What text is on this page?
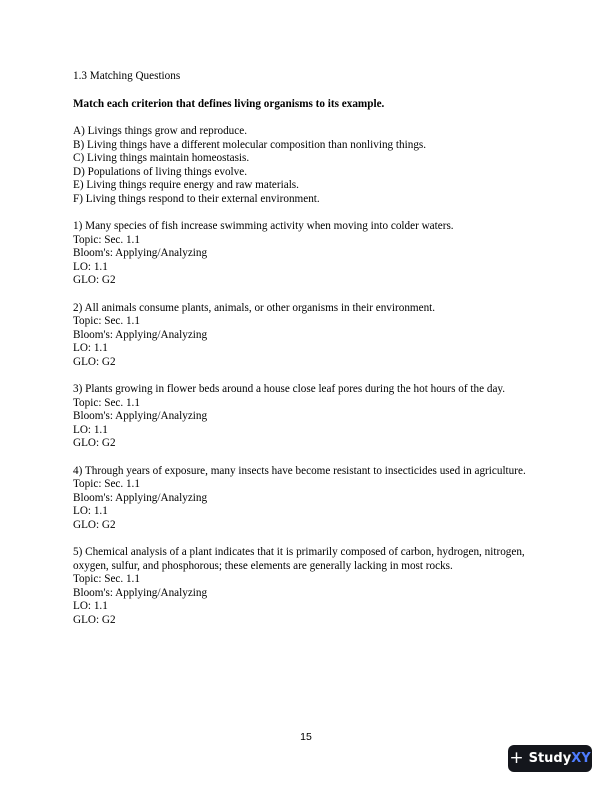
1.3 Matching Questions
Match each criterion that defines living organisms to its example.
A) Livings things grow and reproduce.
B) Living things have a different molecular composition than nonliving things.
C) Living things maintain homeostasis.
D) Populations of living things evolve.
E) Living things require energy and raw materials.
F) Living things respond to their external environment.
1) Many species of fish increase swimming activity when moving into colder waters.
Topic: Sec. 1.1
Bloom's: Applying/Analyzing
LO: 1.1
GLO: G2
2) All animals consume plants, animals, or other organisms in their environment.
Topic: Sec. 1.1
Bloom's: Applying/Analyzing
LO: 1.1
GLO: G2
3) Plants growing in flower beds around a house close leaf pores during the hot hours of the day.
Topic: Sec. 1.1
Bloom's: Applying/Analyzing
LO: 1.1
GLO: G2
4) Through years of exposure, many insects have become resistant to insecticides used in agriculture.
Topic: Sec. 1.1
Bloom's: Applying/Analyzing
LO: 1.1
GLO: G2
5) Chemical analysis of a plant indicates that it is primarily composed of carbon, hydrogen, nitrogen, oxygen, sulfur, and phosphorous; these elements are generally lacking in most rocks.
Topic: Sec. 1.1
Bloom's: Applying/Analyzing
LO: 1.1
GLO: G2
15
+ Study XY
